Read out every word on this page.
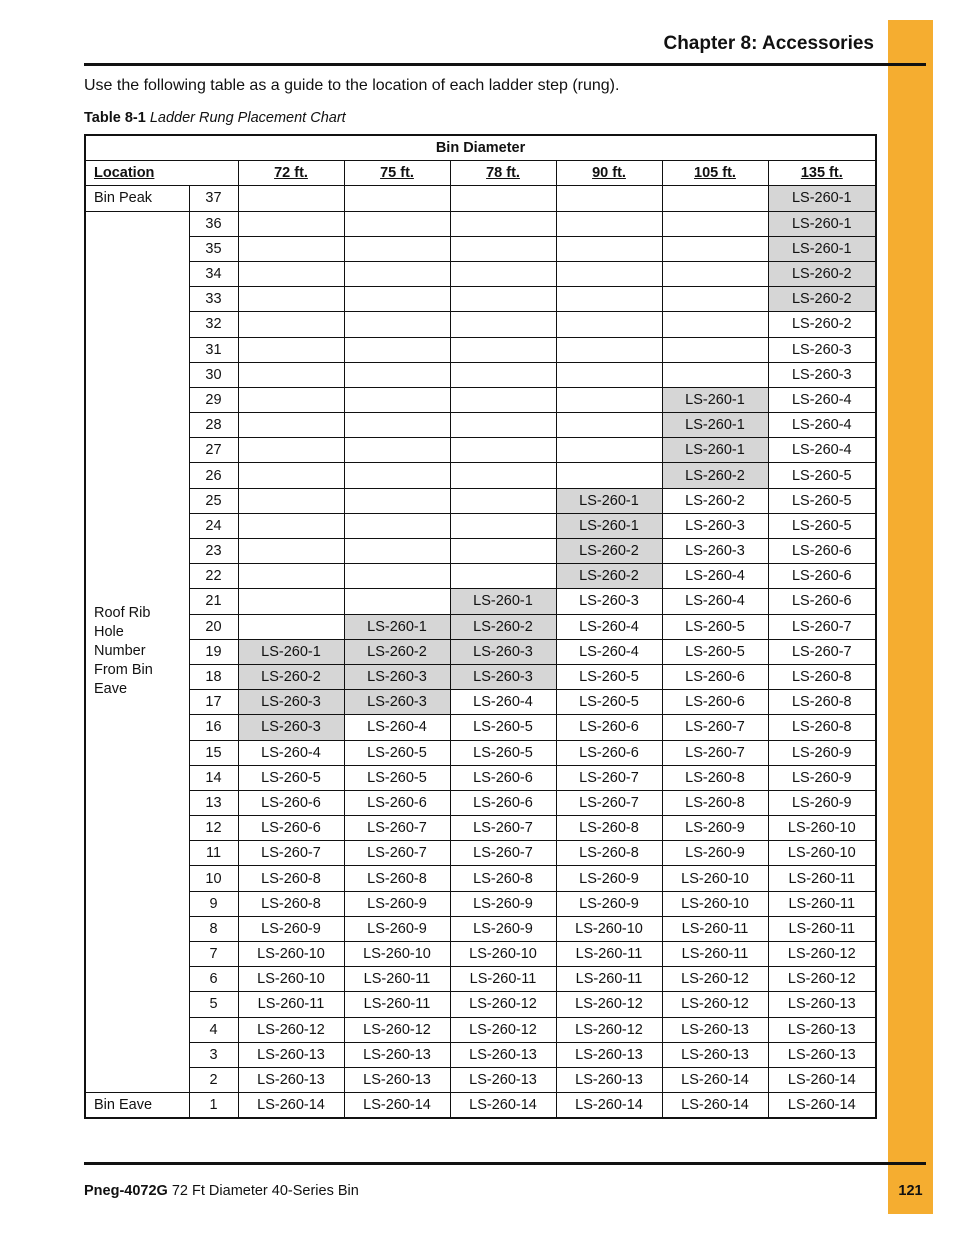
Chapter 8: Accessories
Use the following table as a guide to the location of each ladder step (rung).
Table 8-1 Ladder Rung Placement Chart
Bin Diameter							
Location		72 ft.	75 ft.	78 ft.	90 ft.	105 ft.	135 ft.
Bin Peak	37						LS-260-1

Roof Rib
Hole
Number
From Bin
Eave	36						LS-260-1
	35						LS-260-1
	34						LS-260-2
	33						LS-260-2
	32						LS-260-2
	31						LS-260-3
	30						LS-260-3
	29					LS-260-1	LS-260-4
	28					LS-260-1	LS-260-4
	27					LS-260-1	LS-260-4
	26					LS-260-2	LS-260-5
	25				LS-260-1	LS-260-2	LS-260-5
	24				LS-260-1	LS-260-3	LS-260-5
	23				LS-260-2	LS-260-3	LS-260-6
	22				LS-260-2	LS-260-4	LS-260-6
	21			LS-260-1	LS-260-3	LS-260-4	LS-260-6
	20		LS-260-1	LS-260-2	LS-260-4	LS-260-5	LS-260-7
	19	LS-260-1	LS-260-2	LS-260-3	LS-260-4	LS-260-5	LS-260-7
	18	LS-260-2	LS-260-3	LS-260-3	LS-260-5	LS-260-6	LS-260-8
	17	LS-260-3	LS-260-3	LS-260-4	LS-260-5	LS-260-6	LS-260-8
	16	LS-260-3	LS-260-4	LS-260-5	LS-260-6	LS-260-7	LS-260-8
	15	LS-260-4	LS-260-5	LS-260-5	LS-260-6	LS-260-7	LS-260-9
	14	LS-260-5	LS-260-5	LS-260-6	LS-260-7	LS-260-8	LS-260-9
	13	LS-260-6	LS-260-6	LS-260-6	LS-260-7	LS-260-8	LS-260-9
	12	LS-260-6	LS-260-7	LS-260-7	LS-260-8	LS-260-9	LS-260-10
	11	LS-260-7	LS-260-7	LS-260-7	LS-260-8	LS-260-9	LS-260-10
	10	LS-260-8	LS-260-8	LS-260-8	LS-260-9	LS-260-10	LS-260-11
	9	LS-260-8	LS-260-9	LS-260-9	LS-260-9	LS-260-10	LS-260-11
	8	LS-260-9	LS-260-9	LS-260-9	LS-260-10	LS-260-11	LS-260-11
	7	LS-260-10	LS-260-10	LS-260-10	LS-260-11	LS-260-11	LS-260-12
	6	LS-260-10	LS-260-11	LS-260-11	LS-260-11	LS-260-12	LS-260-12
	5	LS-260-11	LS-260-11	LS-260-12	LS-260-12	LS-260-12	LS-260-13
	4	LS-260-12	LS-260-12	LS-260-12	LS-260-12	LS-260-13	LS-260-13
	3	LS-260-13	LS-260-13	LS-260-13	LS-260-13	LS-260-13	LS-260-13
	2	LS-260-13	LS-260-13	LS-260-13	LS-260-13	LS-260-14	LS-260-14
Bin Eave	1	LS-260-14	LS-260-14	LS-260-14	LS-260-14	LS-260-14	LS-260-14
Pneg-4072G 72 Ft Diameter 40-Series Bin	121
